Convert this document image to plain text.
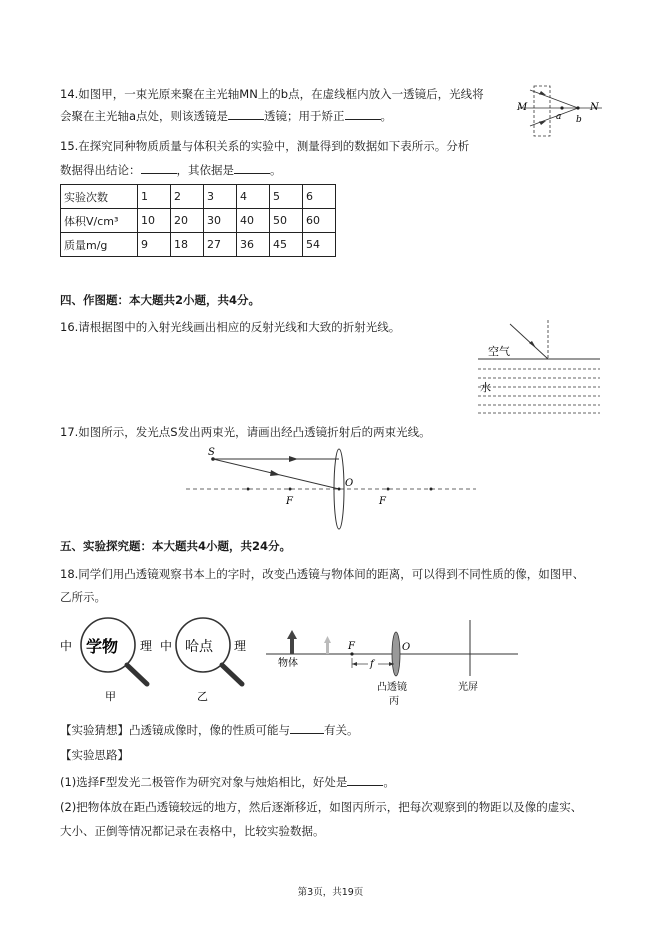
14.如图甲，一束光原来聚在主光轴MN上的b点，在虚线框内放入一透镜后，光线将
会聚在主光轴a点处，则该透镜是	透镜；用于矫正	。
M	N
a b
15.在探究同种物质质量与体积关系的实验中，测量得到的数据如下表所示。分析
数据得出结论：	，其依据是	。
实验次数	1	2	3	4	5	6
体积V/cm³	10	20	30	40	50	60
质量m/g	9	18	27	36	45	54
四、作图题：本大题共2小题，共4分。
16.请根据图中的入射光线画出相应的反射光线和大致的折射光线。
空气
水
17.如图所示，发光点S发出两束光，请画出经凸透镜折射后的两束光线。
S
O
F	F
五、实验探究题：本大题共4小题，共24分。
18.同学们用凸透镜观察书本上的字时，改变凸透镜与物体间的距离，可以得到不同性质的像，如图甲、
乙所示。
中 学物 理
甲
中 哈点 理
乙
物体
F	O
f
凸透镜
丙
光屏
【实验猜想】凸透镜成像时，像的性质可能与	有关。
【实验思路】
(1)选择F型发光二极管作为研究对象与烛焰相比，好处是	。
(2)把物体放在距凸透镜较远的地方，然后逐渐移近，如图丙所示，把每次观察到的物距以及像的虚实、
大小、正倒等情况都记录在表格中，比较实验数据。
第3页，共19页
